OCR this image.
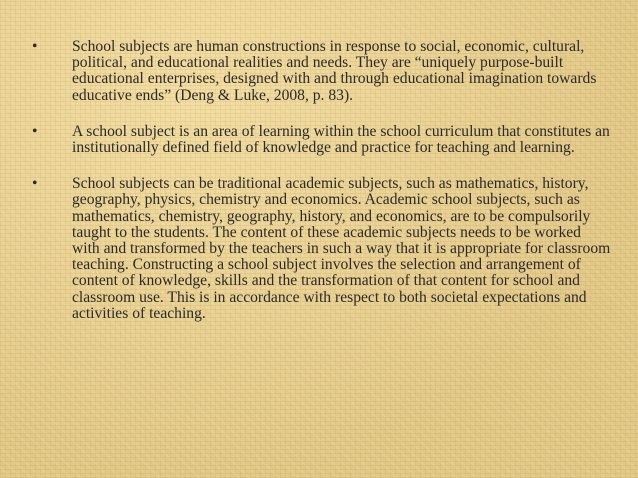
•	School subjects are human constructions in response to social, economic, cultural, political, and educational realities and needs. They are “uniquely purpose-built educational enterprises, designed with and through educational imagination towards educative ends” (Deng & Luke, 2008, p. 83).
•	A school subject is an area of learning within the school curriculum that constitutes an institutionally defined field of knowledge and practice for teaching and learning.
•	School subjects can be traditional academic subjects, such as mathematics, history, geography, physics, chemistry and economics. Academic school subjects, such as mathematics, chemistry, geography, history, and economics, are to be compulsorily taught to the students. The content of these academic subjects needs to be worked with and transformed by the teachers in such a way that it is appropriate for classroom teaching. Constructing a school subject involves the selection and arrangement of content of knowledge, skills and the transformation of that content for school and classroom use. This is in accordance with respect to both societal expectations and activities of teaching.
